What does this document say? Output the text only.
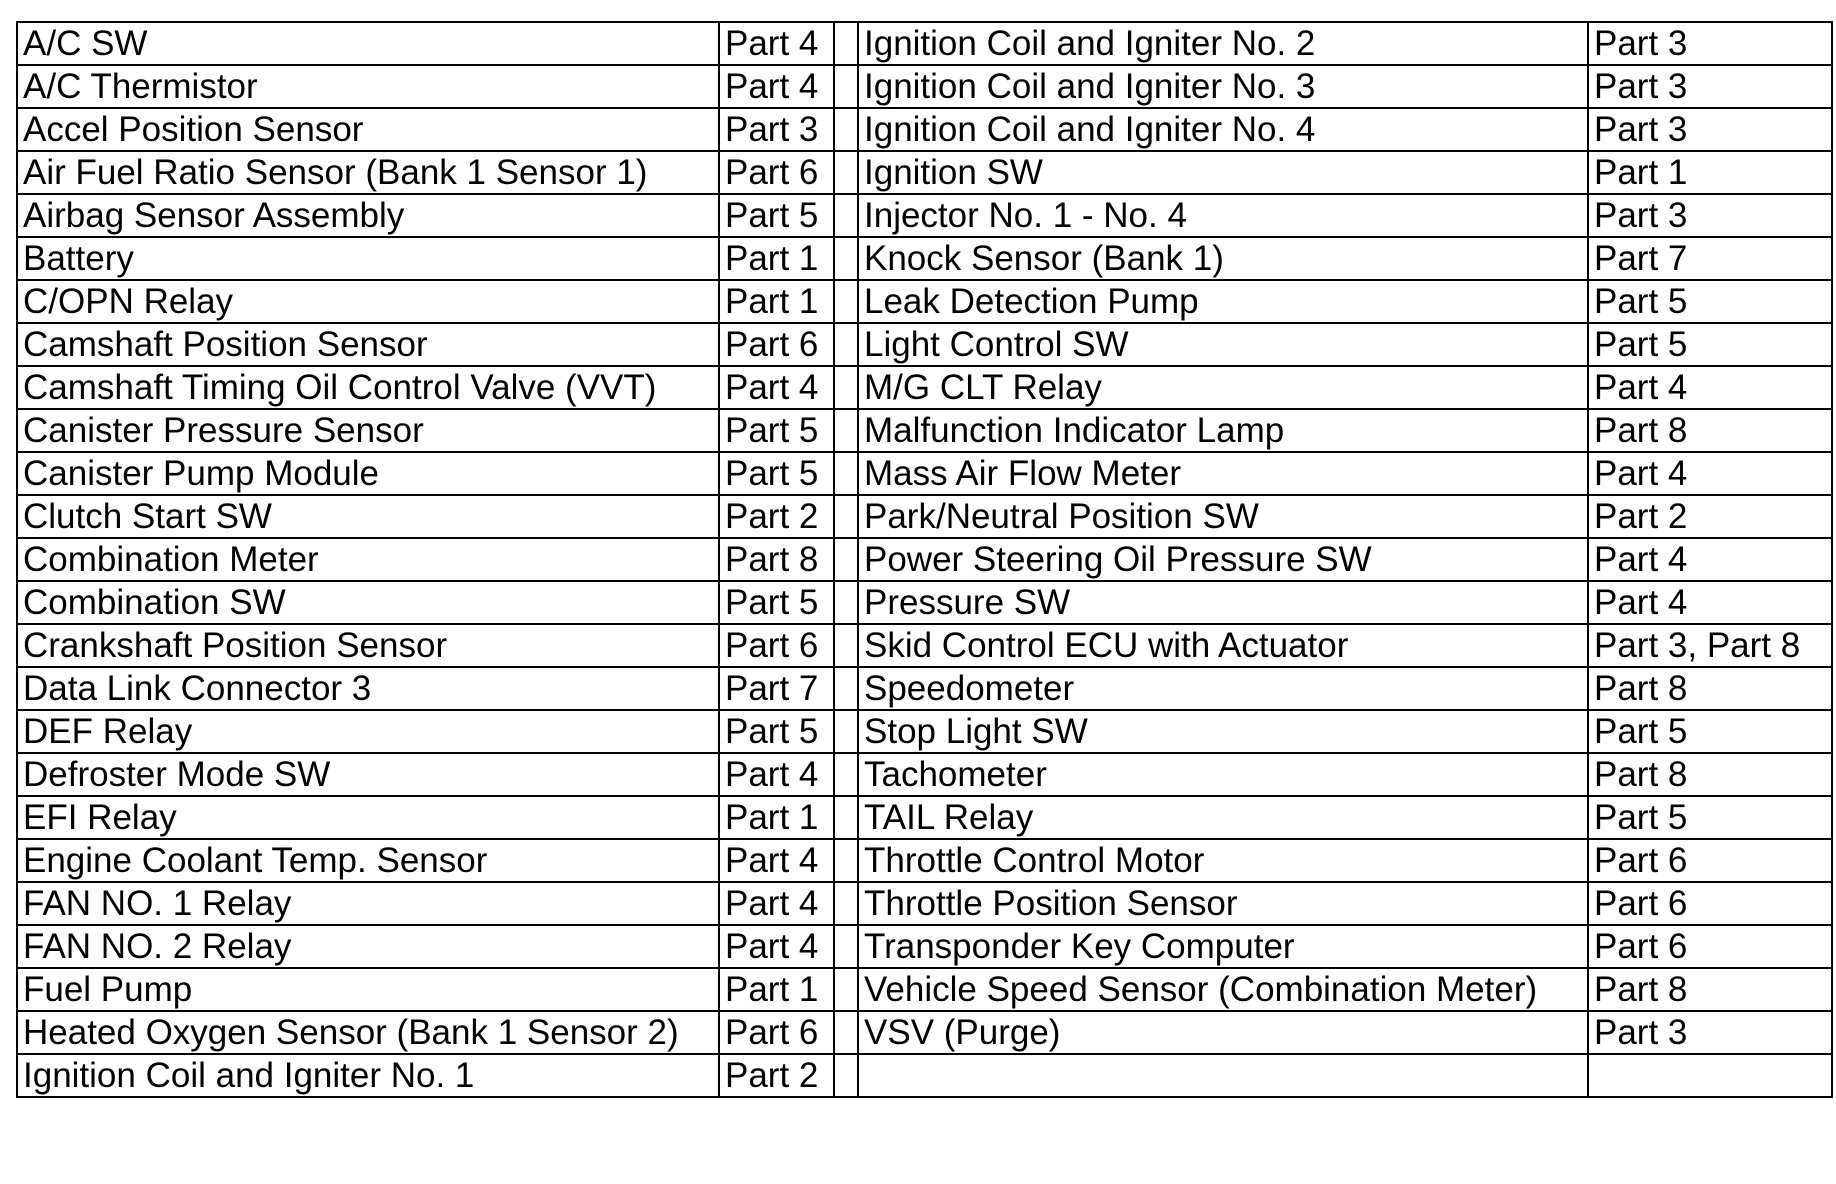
A/C SW	Part 4		Ignition Coil and Igniter No. 2	Part 3
A/C Thermistor	Part 4		Ignition Coil and Igniter No. 3	Part 3
Accel Position Sensor	Part 3		Ignition Coil and Igniter No. 4	Part 3
Air Fuel Ratio Sensor (Bank 1 Sensor 1)	Part 6		Ignition SW	Part 1
Airbag Sensor Assembly	Part 5		Injector No. 1 - No. 4	Part 3
Battery	Part 1		Knock Sensor (Bank 1)	Part 7
C/OPN Relay	Part 1		Leak Detection Pump	Part 5
Camshaft Position Sensor	Part 6		Light Control SW	Part 5
Camshaft Timing Oil Control Valve (VVT)	Part 4		M/G CLT Relay	Part 4
Canister Pressure Sensor	Part 5		Malfunction Indicator Lamp	Part 8
Canister Pump Module	Part 5		Mass Air Flow Meter	Part 4
Clutch Start SW	Part 2		Park/Neutral Position SW	Part 2
Combination Meter	Part 8		Power Steering Oil Pressure SW	Part 4
Combination SW	Part 5		Pressure SW	Part 4
Crankshaft Position Sensor	Part 6		Skid Control ECU with Actuator	Part 3, Part 8
Data Link Connector 3	Part 7		Speedometer	Part 8
DEF Relay	Part 5		Stop Light SW	Part 5
Defroster Mode SW	Part 4		Tachometer	Part 8
EFI Relay	Part 1		TAIL Relay	Part 5
Engine Coolant Temp. Sensor	Part 4		Throttle Control Motor	Part 6
FAN NO. 1 Relay	Part 4		Throttle Position Sensor	Part 6
FAN NO. 2 Relay	Part 4		Transponder Key Computer	Part 6
Fuel Pump	Part 1		Vehicle Speed Sensor (Combination Meter)	Part 8
Heated Oxygen Sensor (Bank 1 Sensor 2)	Part 6		VSV (Purge)	Part 3
Ignition Coil and Igniter No. 1	Part 2			
